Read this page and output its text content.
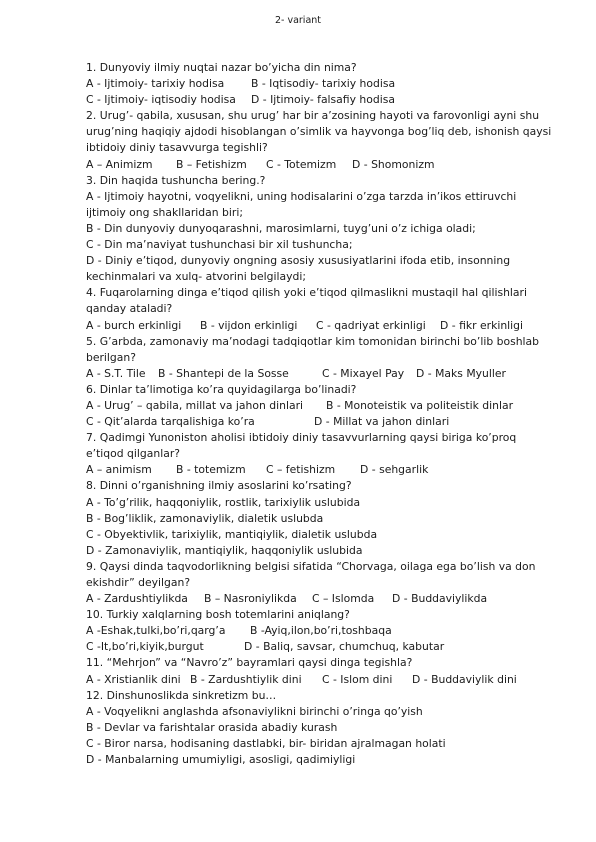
2- variant
1. Dunyoviy ilmiy nuqtai nazar bo’yicha din nima?
A - Ijtimoiy- tarixiy hodisa	B - Iqtisodiy- tarixiy hodisa
C - Ijtimoiy- iqtisodiy hodisa	D - Ijtimoiy- falsafiy hodisa
2. Urug’- qabila, xususan, shu urug’ har bir a’zosining hayoti va farovonligi ayni shu urug’ning haqiqiy ajdodi hisoblangan o’simlik va hayvonga bog’liq deb, ishonish qaysi ibtidoiy diniy tasavvurga tegishli?
A – Animizm	B – Fetishizm	C - Totemizm	D - Shomonizm
3. Din haqida tushuncha bering.?
A - Ijtimoiy hayotni, voqyelikni, uning hodisalarini o’zga tarzda in’ikos ettiruvchi ijtimoiy ong shakllaridan biri;
B - Din dunyoviy dunyoqarashni, marosimlarni, tuyg’uni o’z ichiga oladi;
C - Din ma’naviyat tushunchasi bir xil tushuncha;
D - Diniy e’tiqod, dunyoviy ongning asosiy xususiyatlarini ifoda etib, insonning kechinmalari va xulq- atvorini belgilaydi;
4. Fuqarolarning dinga e’tiqod qilish yoki e’tiqod qilmaslikni mustaqil hal qilishlari qanday ataladi?
A - burch erkinligi	B - vijdon erkinligi	C - qadriyat erkinligi	D - fikr erkinligi
5. G’arbda, zamonaviy ma’nodagi tadqiqotlar kim tomonidan birinchi bo’lib boshlab berilgan?
A - S.T. Tile	B - Shantepi de la Sosse	C - Mixayel Pay	D - Maks Myuller
6. Dinlar ta’limotiga ko’ra quyidagilarga bo’linadi?
A - Urug’ – qabila, millat va jahon dinlari	B - Monoteistik va politeistik dinlar
C - Qit’alarda tarqalishiga ko’ra	D - Millat va jahon dinlari
7. Qadimgi Yunoniston aholisi ibtidoiy diniy tasavvurlarning qaysi biriga ko’proq e’tiqod qilganlar?
A – animism	B - totemizm	C – fetishizm	D - sehgarlik
8. Dinni o’rganishning ilmiy asoslarini ko’rsating?
A - To’g’rilik, haqqoniylik, rostlik, tarixiylik uslubida
B - Bog’liklik, zamonaviylik, dialetik uslubda
C - Obyektivlik, tarixiylik, mantiqiylik, dialetik uslubda
D - Zamonaviylik, mantiqiylik, haqqoniylik uslubida
9. Qaysi dinda taqvodorlikning belgisi sifatida “Chorvaga, oilaga ega bo’lish va don ekishdir” deyilgan?
A - Zardushtiylikda	B – Nasroniylikda	C – Islomda	D - Buddaviylikda
10. Turkiy xalqlarning bosh totemlarini aniqlang?
A -Eshak,tulki,bo’ri,qarg’a	B -Ayiq,ilon,bo’ri,toshbaqa
C -It,bo’ri,kiyik,burgut	D - Baliq, savsar, chumchuq, kabutar
11. “Mehrjon” va “Navro’z” bayramlari qaysi dinga tegishla?
A - Xristianlik dini B - Zardushtiylik dini	C - Islom dini	D - Buddaviylik dini
12. Dinshunoslikda sinkretizm bu…
A - Voqyelikni anglashda afsonaviylikni birinchi o’ringa qo’yish
B - Devlar va farishtalar orasida abadiy kurash
C - Biror narsa, hodisaning dastlabki, bir- biridan ajralmagan holati
D - Manbalarning umumiyligi, asosligi, qadimiyligi
